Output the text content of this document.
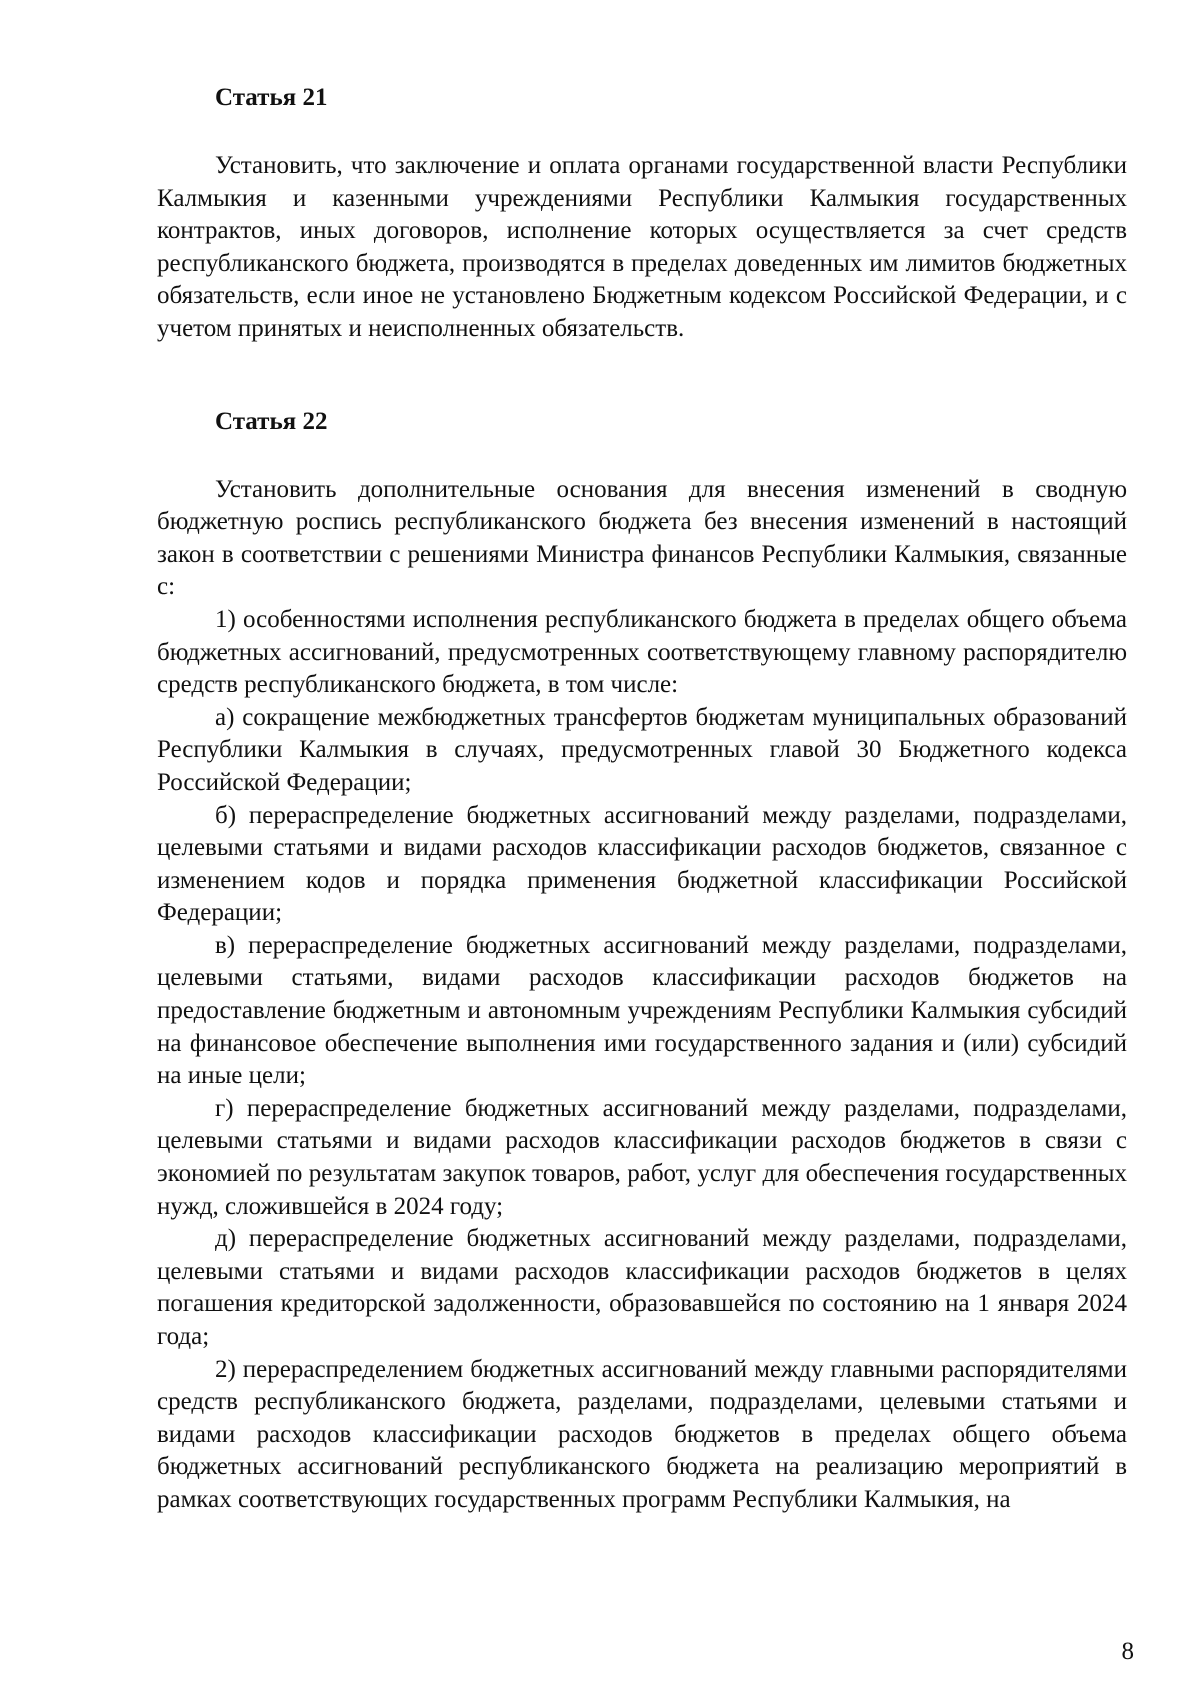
Статья 21

Установить, что заключение и оплата органами государственной власти Республики Калмыкия и казенными учреждениями Республики Калмыкия государственных контрактов, иных договоров, исполнение которых осуществляется за счет средств республиканского бюджета, производятся в пределах доведенных им лимитов бюджетных обязательств, если иное не установлено Бюджетным кодексом Российской Федерации, и с учетом принятых и неисполненных обязательств.

Статья 22

Установить дополнительные основания для внесения изменений в сводную бюджетную роспись республиканского бюджета без внесения изменений в настоящий закон в соответствии с решениями Министра финансов Республики Калмыкия, связанные с:

1) особенностями исполнения республиканского бюджета в пределах общего объема бюджетных ассигнований, предусмотренных соответствующему главному распорядителю средств республиканского бюджета, в том числе:

а) сокращение межбюджетных трансфертов бюджетам муниципальных образований Республики Калмыкия в случаях, предусмотренных главой 30 Бюджетного кодекса Российской Федерации;

б) перераспределение бюджетных ассигнований между разделами, подразделами, целевыми статьями и видами расходов классификации расходов бюджетов, связанное с изменением кодов и порядка применения бюджетной классификации Российской Федерации;

в) перераспределение бюджетных ассигнований между разделами, подразделами, целевыми статьями, видами расходов классификации расходов бюджетов на предоставление бюджетным и автономным учреждениям Республики Калмыкия субсидий на финансовое обеспечение выполнения ими государственного задания и (или) субсидий на иные цели;

г) перераспределение бюджетных ассигнований между разделами, подразделами, целевыми статьями и видами расходов классификации расходов бюджетов в связи с экономией по результатам закупок товаров, работ, услуг для обеспечения государственных нужд, сложившейся в 2024 году;

д) перераспределение бюджетных ассигнований между разделами, подразделами, целевыми статьями и видами расходов классификации расходов бюджетов в целях погашения кредиторской задолженности, образовавшейся по состоянию на 1 января 2024 года;

2) перераспределением бюджетных ассигнований между главными распорядителями средств республиканского бюджета, разделами, подразделами, целевыми статьями и видами расходов классификации расходов бюджетов в пределах общего объема бюджетных ассигнований республиканского бюджета на реализацию мероприятий в рамках соответствующих государственных программ Республики Калмыкия, на

8
